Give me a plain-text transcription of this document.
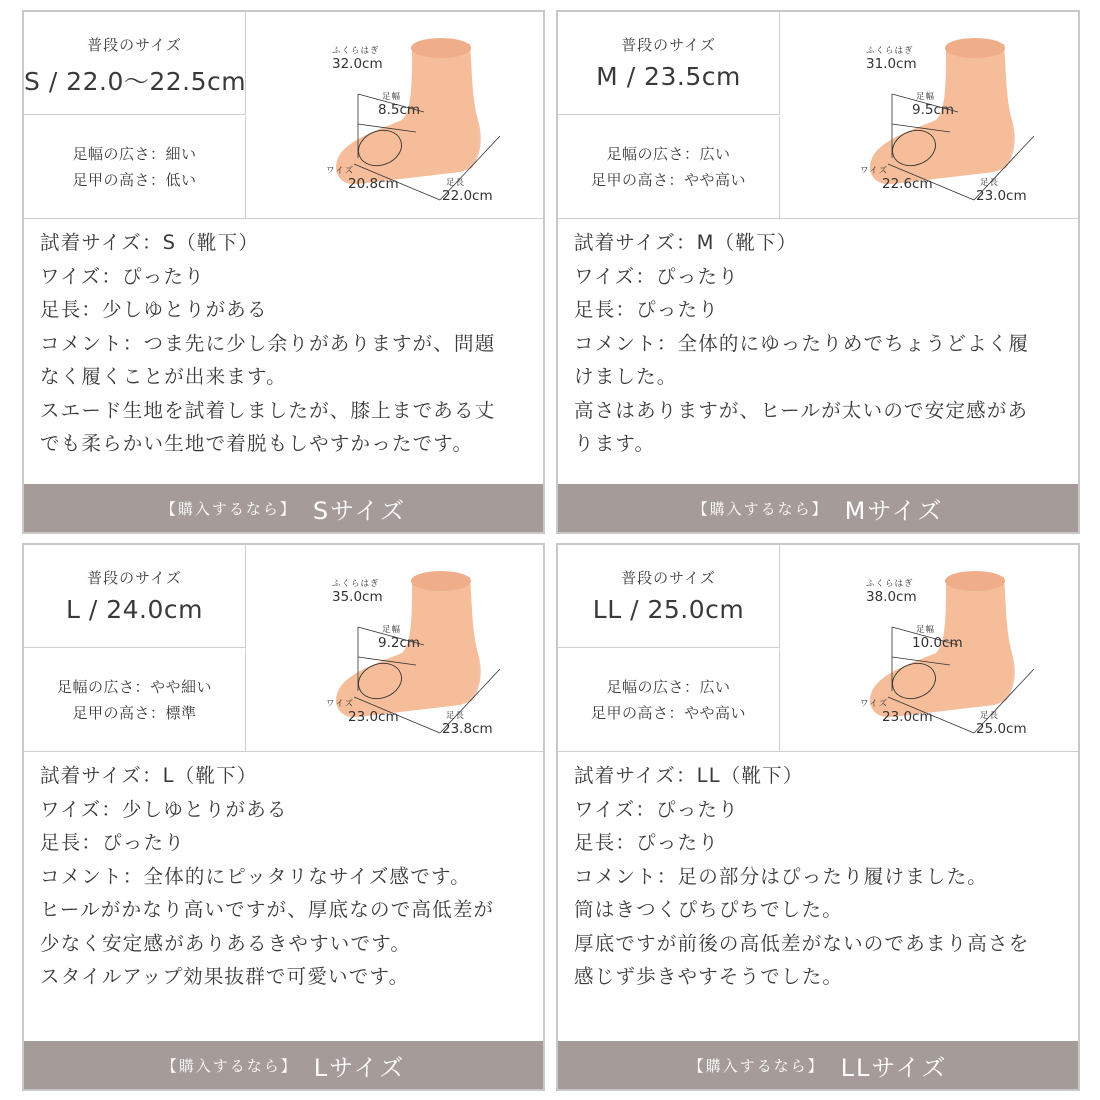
普段のサイズ
S / 22.0〜22.5cm
足幅の広さ：細い
足甲の高さ：低い
ふくらはぎ
32.0cm
足幅
8.5cm
ワイズ
20.8cm	足長
22.0cm
試着サイズ：S（靴下）
ワイズ：ぴったり
足長：少しゆとりがある
コメント：つま先に少し余りがありますが、問題
なく履くことが出来ます。
スエード生地を試着しましたが、膝上まである丈
でも柔らかい生地で着脱もしやすかったです。
【購入するなら】 Sサイズ
普段のサイズ
M / 23.5cm
足幅の広さ：広い
足甲の高さ：やや高い
ふくらはぎ
31.0cm
足幅
9.5cm
ワイズ
22.6cm	足長
23.0cm
試着サイズ：M（靴下）
ワイズ：ぴったり
足長：ぴったり
コメント：全体的にゆったりめでちょうどよく履
けました。
高さはありますが、ヒールが太いので安定感があ
ります。
【購入するなら】 Mサイズ
普段のサイズ
L / 24.0cm
足幅の広さ：やや細い
足甲の高さ：標準
ふくらはぎ
35.0cm
足幅
9.2cm
ワイズ
23.0cm	足長
23.8cm
試着サイズ：L（靴下）
ワイズ：少しゆとりがある
足長：ぴったり
コメント：全体的にピッタリなサイズ感です。
ヒールがかなり高いですが、厚底なので高低差が
少なく安定感がありあるきやすいです。
スタイルアップ効果抜群で可愛いです。
【購入するなら】 Lサイズ
普段のサイズ
LL / 25.0cm
足幅の広さ：広い
足甲の高さ：やや高い
ふくらはぎ
38.0cm
足幅
10.0cm
ワイズ
23.0cm	足長
25.0cm
試着サイズ：LL（靴下）
ワイズ：ぴったり
足長：ぴったり
コメント：足の部分はぴったり履けました。
筒はきつくぴちぴちでした。
厚底ですが前後の高低差がないのであまり高さを
感じず歩きやすそうでした。
【購入するなら】 LLサイズ
